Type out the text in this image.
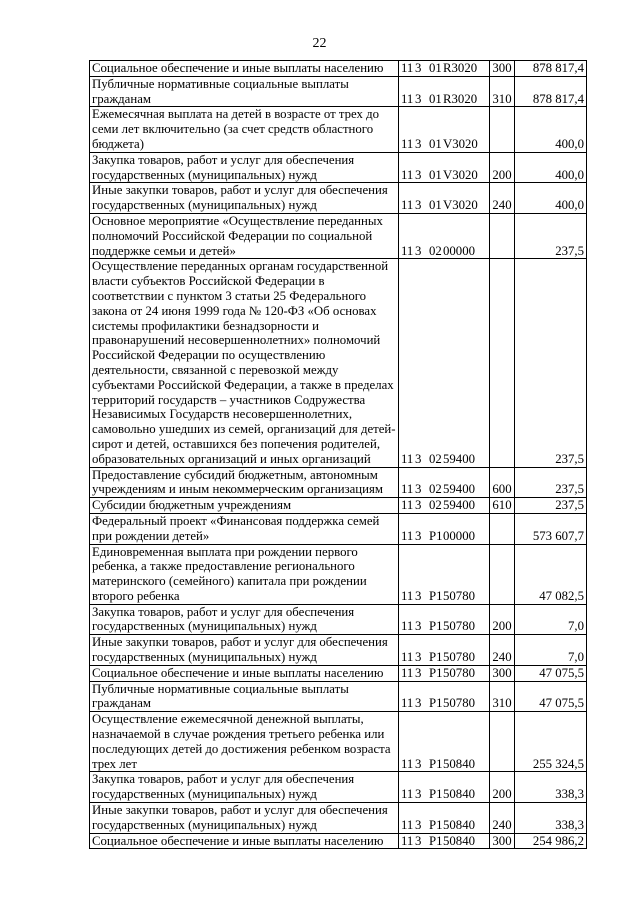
22
Социальное обеспечение и иные выплаты населению	11 3 01R3020	300	878 817,4
Публичные нормативные социальные выплаты гражданам	11 3 01R3020	310	878 817,4
Ежемесячная выплата на детей в возрасте от трех до семи лет включительно (за счет средств областного бюджета)	11 3 01V3020		400,0
Закупка товаров, работ и услуг для обеспечения государственных (муниципальных) нужд	11 3 01V3020	200	400,0
Иные закупки товаров, работ и услуг для обеспечения государственных (муниципальных) нужд	11 3 01V3020	240	400,0
Основное мероприятие «Осуществление переданных полномочий Российской Федерации по социальной поддержке семьи и детей»	11 3 0200000		237,5
Осуществление переданных органам государственной власти субъектов Российской Федерации в соответствии с пунктом 3 статьи 25 Федерального закона от 24 июня 1999 года № 120-ФЗ «Об основах системы профилактики безнадзорности и правонарушений несовершеннолетних» полномочий Российской Федерации по осуществлению деятельности, связанной с перевозкой между субъектами Российской Федерации, а также в пределах территорий государств – участников Содружества Независимых Государств несовершеннолетних, самовольно ушедших из семей, организаций для детей-сирот и детей, оставшихся без попечения родителей, образовательных организаций и иных организаций	11 3 0259400		237,5
Предоставление субсидий бюджетным, автономным учреждениям и иным некоммерческим организациям	11 3 0259400	600	237,5
Субсидии бюджетным учреждениям	11 3 0259400	610	237,5
Федеральный проект «Финансовая поддержка семей при рождении детей»	11 3 P100000		573 607,7
Единовременная выплата при рождении первого ребенка, а также предоставление регионального материнского (семейного) капитала при рождении второго ребенка	11 3 P150780		47 082,5
Закупка товаров, работ и услуг для обеспечения государственных (муниципальных) нужд	11 3 P150780	200	7,0
Иные закупки товаров, работ и услуг для обеспечения государственных (муниципальных) нужд	11 3 P150780	240	7,0
Социальное обеспечение и иные выплаты населению	11 3 P150780	300	47 075,5
Публичные нормативные социальные выплаты гражданам	11 3 P150780	310	47 075,5
Осуществление ежемесячной денежной выплаты, назначаемой в случае рождения третьего ребенка или последующих детей до достижения ребенком возраста трех лет	11 3 P150840		255 324,5
Закупка товаров, работ и услуг для обеспечения государственных (муниципальных) нужд	11 3 P150840	200	338,3
Иные закупки товаров, работ и услуг для обеспечения государственных (муниципальных) нужд	11 3 P150840	240	338,3
Социальное обеспечение и иные выплаты населению	11 3 P150840	300	254 986,2
